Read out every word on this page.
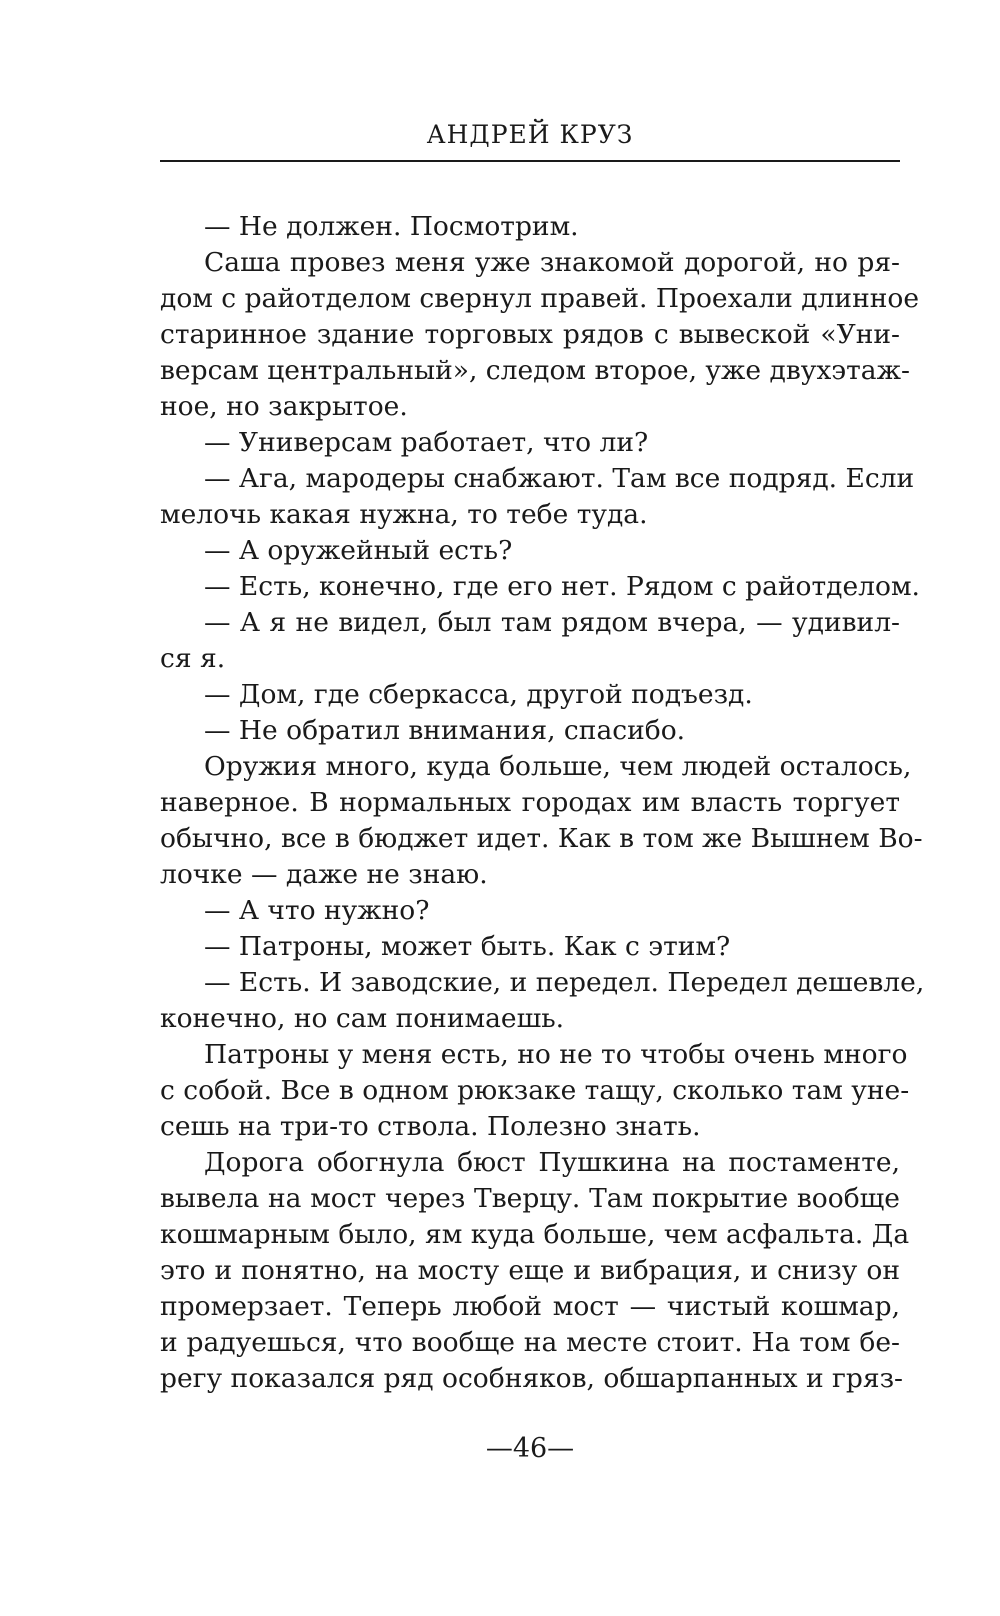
АНДРЕЙ КРУЗ
— Не должен. Посмотрим.
Саша провез меня уже знакомой дорогой, но ря-
дом с райотделом свернул правей. Проехали длинное
старинное здание торговых рядов с вывеской «Уни-
версам центральный», следом второе, уже двухэтаж-
ное, но закрытое.
— Универсам работает, что ли?
— Ага, мародеры снабжают. Там все подряд. Если
мелочь какая нужна, то тебе туда.
— А оружейный есть?
— Есть, конечно, где его нет. Рядом с райотделом.
— А я не видел, был там рядом вчера, — удивил-
ся я.
— Дом, где сберкасса, другой подъезд.
— Не обратил внимания, спасибо.
Оружия много, куда больше, чем людей осталось,
наверное. В нормальных городах им власть торгует
обычно, все в бюджет идет. Как в том же Вышнем Во-
лочке — даже не знаю.
— А что нужно?
— Патроны, может быть. Как с этим?
— Есть. И заводские, и передел. Передел дешевле,
конечно, но сам понимаешь.
Патроны у меня есть, но не то чтобы очень много
с собой. Все в одном рюкзаке тащу, сколько там уне-
сешь на три-то ствола. Полезно знать.
Дорога обогнула бюст Пушкина на постаменте,
вывела на мост через Тверцу. Там покрытие вообще
кошмарным было, ям куда больше, чем асфальта. Да
это и понятно, на мосту еще и вибрация, и снизу он
промерзает. Теперь любой мост — чистый кошмар,
и радуешься, что вообще на месте стоит. На том бе-
регу показался ряд особняков, обшарпанных и гряз-
—46—
